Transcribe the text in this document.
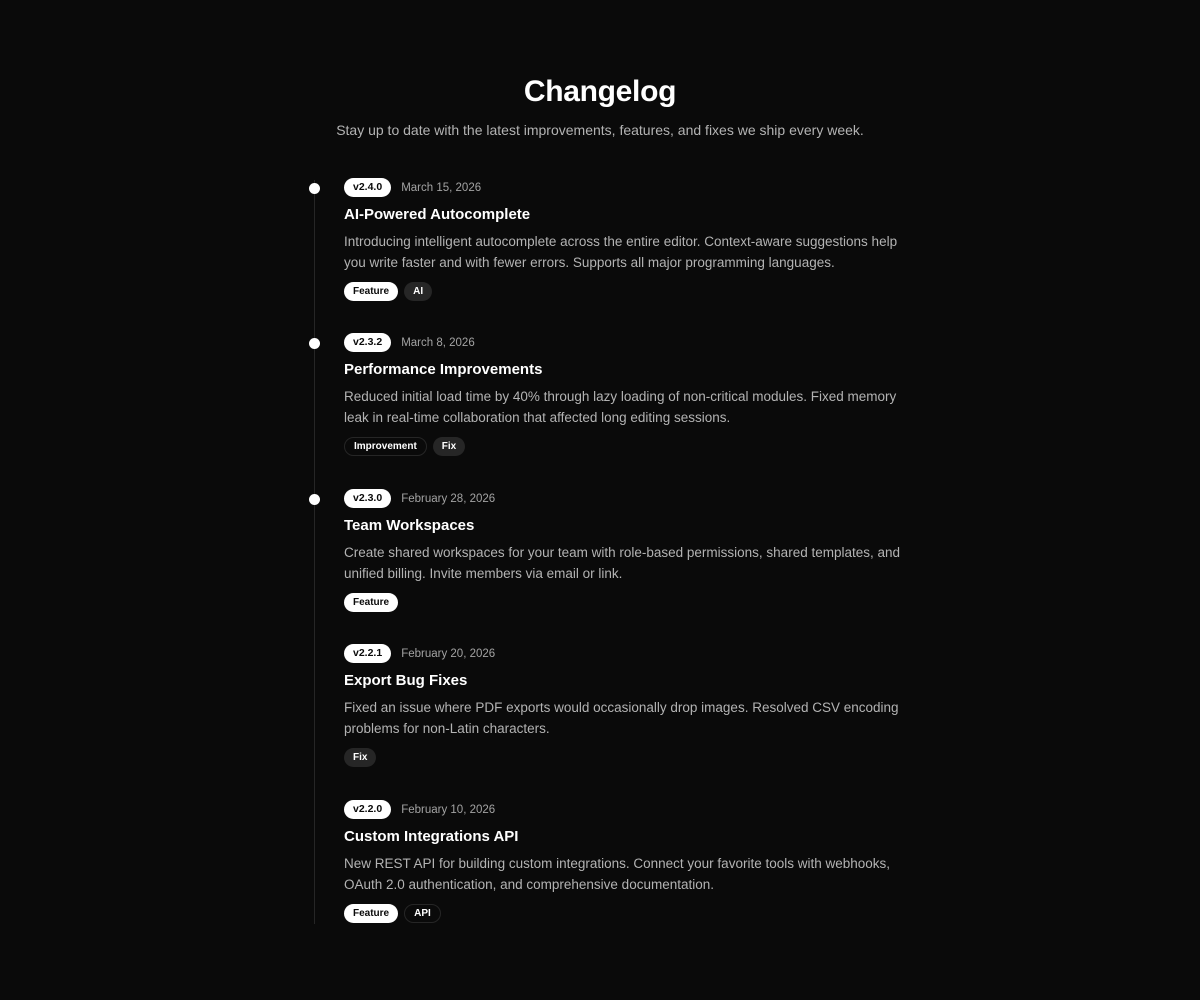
Changelog

Stay up to date with the latest improvements, features, and fixes we ship every week.

v2.4.0	March 15, 2026
AI-Powered Autocomplete

Introducing intelligent autocomplete across the entire editor. Context-aware suggestions help you write faster and with fewer errors. Supports all major programming languages.

Feature	AI
v2.3.2	March 8, 2026
Performance Improvements

Reduced initial load time by 40% through lazy loading of non-critical modules. Fixed memory leak in real-time collaboration that affected long editing sessions.

Improvement	Fix
v2.3.0	February 28, 2026
Team Workspaces

Create shared workspaces for your team with role-based permissions, shared templates, and unified billing. Invite members via email or link.

Feature
v2.2.1	February 20, 2026
Export Bug Fixes

Fixed an issue where PDF exports would occasionally drop images. Resolved CSV encoding problems for non-Latin characters.

Fix
v2.2.0	February 10, 2026
Custom Integrations API

New REST API for building custom integrations. Connect your favorite tools with webhooks, OAuth 2.0 authentication, and comprehensive documentation.

Feature	API
